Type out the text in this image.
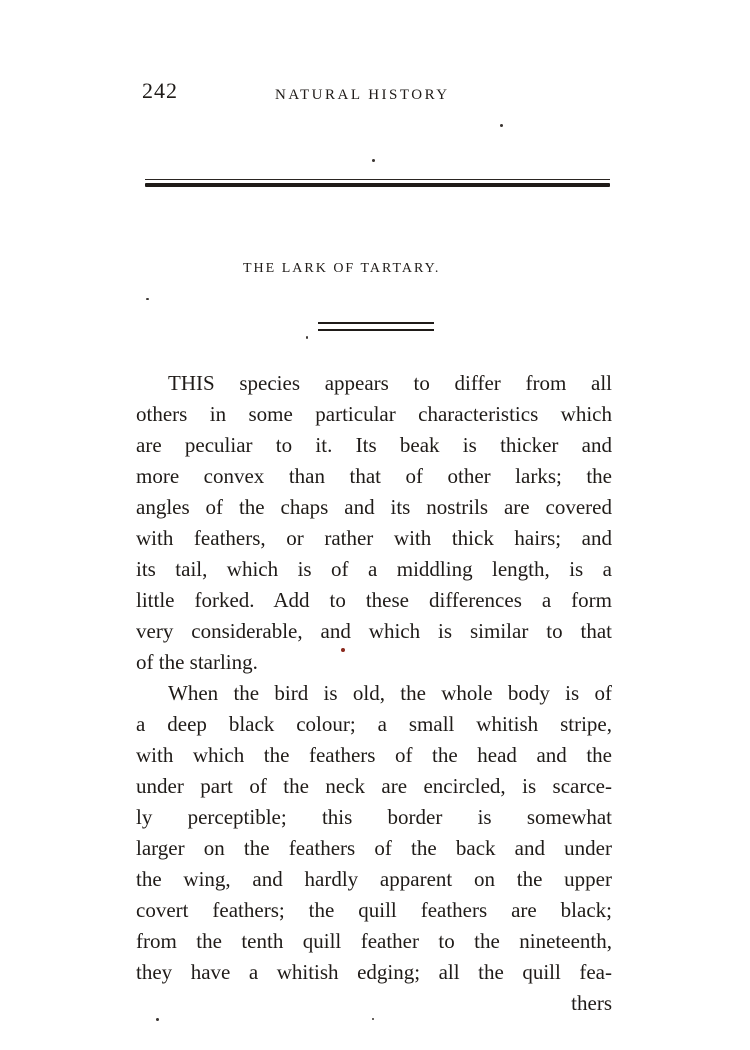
242	NATURAL HISTORY
THE LARK OF TARTARY.
THIS species appears to differ from all
others in some particular characteristics which
are peculiar to it. Its beak is thicker and
more convex than that of other larks; the
angles of the chaps and its nostrils are covered
with feathers, or rather with thick hairs; and
its tail, which is of a middling length, is a
little forked. Add to these differences a form
very considerable, and which is similar to that
of the starling.
When the bird is old, the whole body is of
a deep black colour; a small whitish stripe,
with which the feathers of the head and the
under part of the neck are encircled, is scarce-
ly perceptible; this border is somewhat
larger on the feathers of the back and under
the wing, and hardly apparent on the upper
covert feathers; the quill feathers are black;
from the tenth quill feather to the nineteenth,
they have a whitish edging; all the quill fea-
thers
